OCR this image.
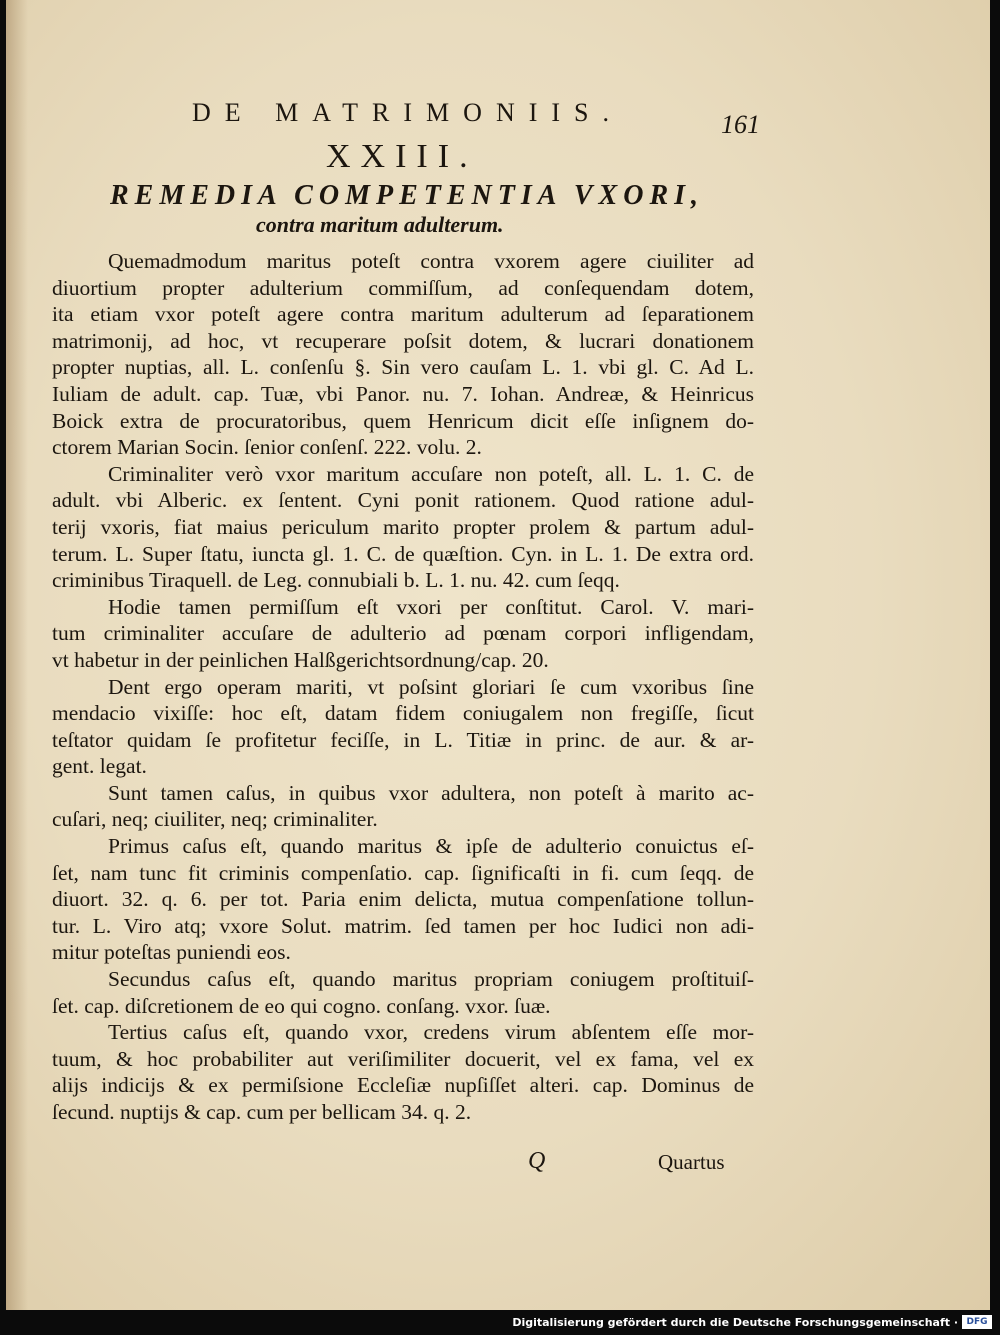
DE MATRIMONIIS.	161
XXIII.
REMEDIA COMPETENTIA VXORI,
contra maritum adulterum.
Quemadmodum maritus poteſt contra vxorem agere ciuiliter ad
diuortium propter adulterium commiſſum, ad conſequendam dotem,
ita etiam vxor poteſt agere contra maritum adulterum ad ſeparationem
matrimonij, ad hoc, vt recuperare poſsit dotem, & lucrari donationem
propter nuptias, all. L. conſenſu §. Sin vero cauſam L. 1. vbi gl. C. Ad L.
Iuliam de adult. cap. Tuæ, vbi Panor. nu. 7. Iohan. Andreæ, & Heinricus
Boick extra de procuratoribus, quem Henricum dicit eſſe inſignem do-
ctorem Marian Socin. ſenior conſenſ. 222. volu. 2.
Criminaliter verò vxor maritum accuſare non poteſt, all. L. 1. C. de
adult. vbi Alberic. ex ſentent. Cyni ponit rationem. Quod ratione adul-
terij vxoris, fiat maius periculum marito propter prolem & partum adul-
terum. L. Super ſtatu, iuncta gl. 1. C. de quæſtion. Cyn. in L. 1. De extra ord.
criminibus Tiraquell. de Leg. connubiali b. L. 1. nu. 42. cum ſeqq.
Hodie tamen permiſſum eſt vxori per conſtitut. Carol. V. mari-
tum criminaliter accuſare de adulterio ad pœnam corpori infligendam,
vt habetur in der peinlichen Halßgerichtsordnung/cap. 20.
Dent ergo operam mariti, vt poſsint gloriari ſe cum vxoribus ſine
mendacio vixiſſe: hoc eſt, datam fidem coniugalem non fregiſſe, ſicut
teſtator quidam ſe profitetur feciſſe, in L. Titiæ in princ. de aur. & ar-
gent. legat.
Sunt tamen caſus, in quibus vxor adultera, non poteſt à marito ac-
cuſari, neq; ciuiliter, neq; criminaliter.
Primus caſus eſt, quando maritus & ipſe de adulterio conuictus eſ-
ſet, nam tunc fit criminis compenſatio. cap. ſignificaſti in fi. cum ſeqq. de
diuort. 32. q. 6. per tot. Paria enim delicta, mutua compenſatione tollun-
tur. L. Viro atq; vxore Solut. matrim. ſed tamen per hoc Iudici non adi-
mitur poteſtas puniendi eos.
Secundus caſus eſt, quando maritus propriam coniugem proſtituiſ-
ſet. cap. diſcretionem de eo qui cogno. conſang. vxor. ſuæ.
Tertius caſus eſt, quando vxor, credens virum abſentem eſſe mor-
tuum, & hoc probabiliter aut veriſimiliter docuerit, vel ex fama, vel ex
alijs indicijs & ex permiſsione Eccleſiæ nupſiſſet alteri. cap. Dominus de
ſecund. nuptijs & cap. cum per bellicam 34. q. 2.
Q	Quartus
Digitalisierung gefördert durch die Deutsche Forschungsgemeinschaft · DFG
